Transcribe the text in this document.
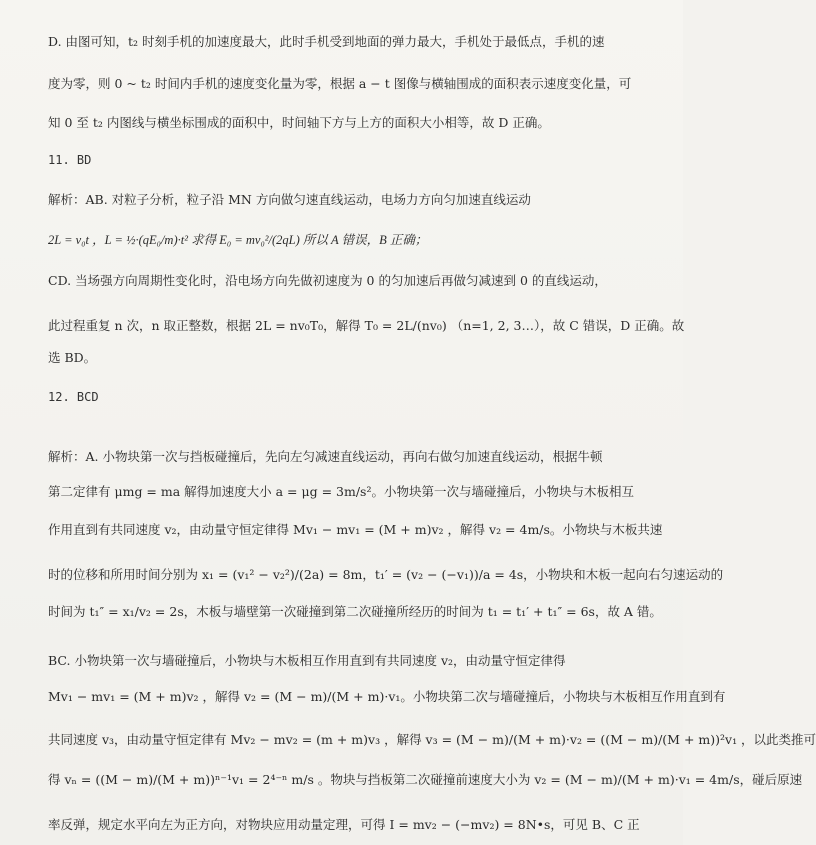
D. 由图可知，t₂ 时刻手机的加速度最大，此时手机受到地面的弹力最大，手机处于最低点，手机的速
度为零，则 0 ~ t₂ 时间内手机的速度变化量为零，根据 a − t 图像与横轴围成的面积表示速度变化量，可
知 0 至 t₂ 内图线与横坐标围成的面积中，时间轴下方与上方的面积大小相等，故 D 正确。
11. BD
解析：AB. 对粒子分析，粒子沿 MN 方向做匀速直线运动，电场力方向匀加速直线运动
2L = v₀t ，L = ½·(qE₀/m)·t² 求得 E₀ = mv₀²/(2qL) 所以 A 错误，B 正确；
CD. 当场强方向周期性变化时，沿电场方向先做初速度为 0 的匀加速后再做匀减速到 0 的直线运动，
此过程重复 n 次，n 取正整数，根据 2L = nv₀T₀，解得 T₀ = 2L/(nv₀) （n=1, 2, 3…），故 C 错误，D 正确。故
选 BD。
12. BCD
解析：A. 小物块第一次与挡板碰撞后，先向左匀减速直线运动，再向右做匀加速直线运动，根据牛顿
第二定律有 μmg = ma 解得加速度大小 a = μg = 3m/s²。小物块第一次与墙碰撞后，小物块与木板相互
作用直到有共同速度 v₂，由动量守恒定律得 Mv₁ − mv₁ = (M + m)v₂ ，解得 v₂ = 4m/s。小物块与木板共速
时的位移和所用时间分别为 x₁ = (v₁² − v₂²)/(2a) = 8m，t₁′ = (v₂ − (−v₁))/a = 4s，小物块和木板一起向右匀速运动的
时间为 t₁″ = x₁/v₂ = 2s，木板与墙壁第一次碰撞到第二次碰撞所经历的时间为 t₁ = t₁′ + t₁″ = 6s，故 A 错。
BC. 小物块第一次与墙碰撞后，小物块与木板相互作用直到有共同速度 v₂，由动量守恒定律得
Mv₁ − mv₁ = (M + m)v₂ ，解得 v₂ = (M − m)/(M + m)·v₁。小物块第二次与墙碰撞后，小物块与木板相互作用直到有
共同速度 v₃，由动量守恒定律有 Mv₂ − mv₂ = (m + m)v₃ ，解得 v₃ = (M − m)/(M + m)·v₂ = ((M − m)/(M + m))²v₁ ，以此类推可
得 vₙ = ((M − m)/(M + m))ⁿ⁻¹v₁ = 2⁴⁻ⁿ m/s 。物块与挡板第二次碰撞前速度大小为 v₂ = (M − m)/(M + m)·v₁ = 4m/s，碰后原速
率反弹，规定水平向左为正方向，对物块应用动量定理，可得 I = mv₂ − (−mv₂) = 8N•s，可见 B、C 正
